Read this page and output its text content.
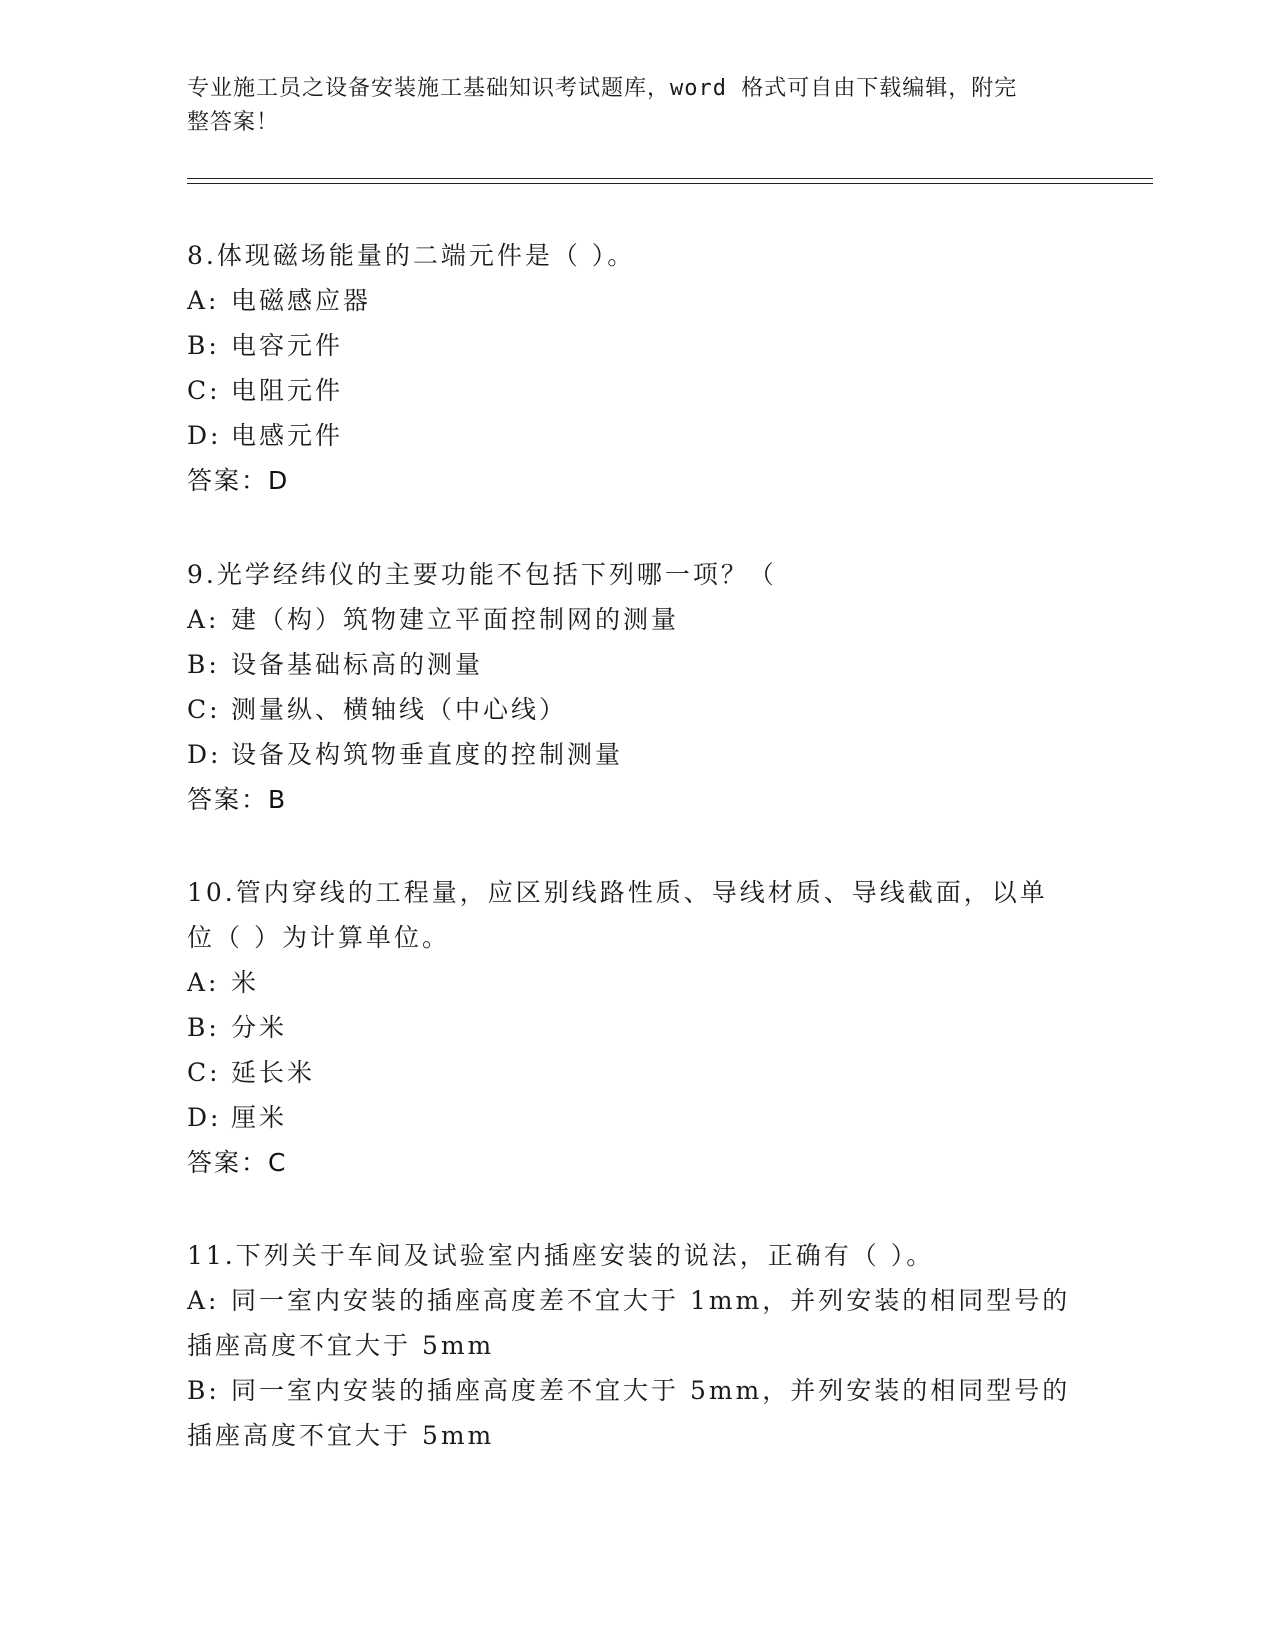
专业施工员之设备安装施工基础知识考试题库，word 格式可自由下载编辑，附完
整答案！
8.体现磁场能量的二端元件是（ ）。
A: 电磁感应器
B: 电容元件
C: 电阻元件
D: 电感元件
答案：D
9.光学经纬仪的主要功能不包括下列哪一项？（
A: 建（构）筑物建立平面控制网的测量
B: 设备基础标高的测量
C: 测量纵、横轴线（中心线）
D: 设备及构筑物垂直度的控制测量
答案：B
10.管内穿线的工程量，应区别线路性质、导线材质、导线截面，以单
位（ ）为计算单位。
A: 米
B: 分米
C: 延长米
D: 厘米
答案：C
11.下列关于车间及试验室内插座安装的说法，正确有（ ）。
A: 同一室内安装的插座高度差不宜大于 1mm，并列安装的相同型号的
插座高度不宜大于 5mm
B: 同一室内安装的插座高度差不宜大于 5mm，并列安装的相同型号的
插座高度不宜大于 5mm
